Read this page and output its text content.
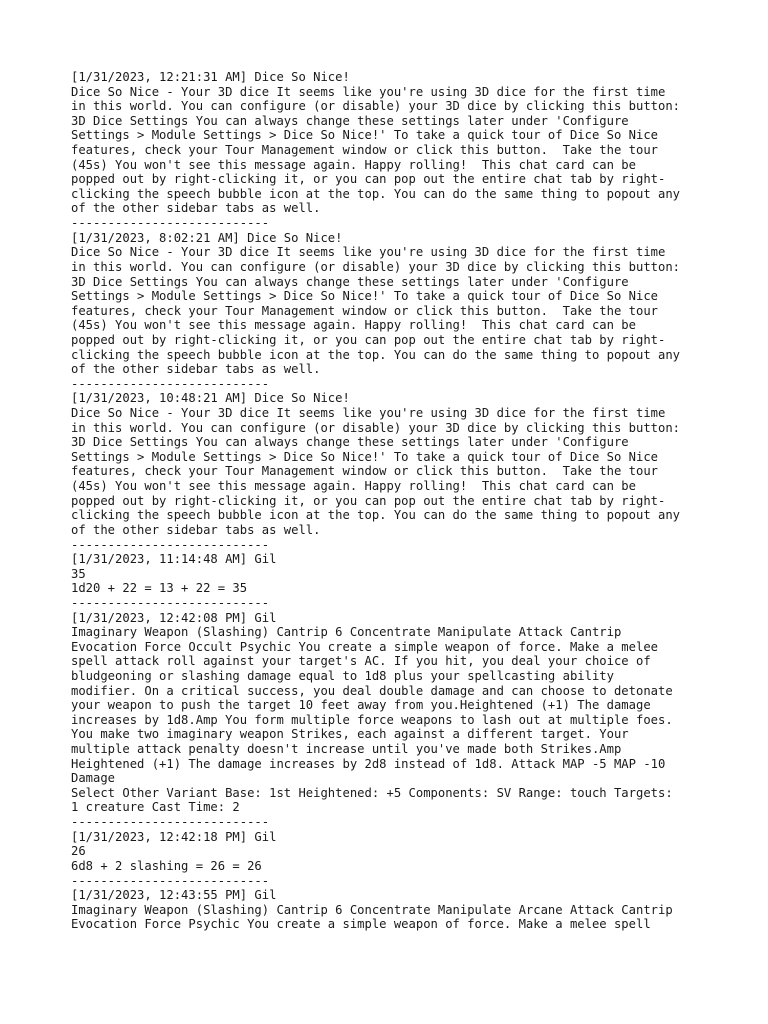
[1/31/2023, 12:21:31 AM] Dice So Nice!
Dice So Nice - Your 3D dice It seems like you're using 3D dice for the first time
in this world. You can configure (or disable) your 3D dice by clicking this button:
3D Dice Settings You can always change these settings later under 'Configure
Settings > Module Settings > Dice So Nice!' To take a quick tour of Dice So Nice
features, check your Tour Management window or click this button.  Take the tour
(45s) You won't see this message again. Happy rolling!  This chat card can be
popped out by right-clicking it, or you can pop out the entire chat tab by right-
clicking the speech bubble icon at the top. You can do the same thing to popout any
of the other sidebar tabs as well.
---------------------------
[1/31/2023, 8:02:21 AM] Dice So Nice!
Dice So Nice - Your 3D dice It seems like you're using 3D dice for the first time
in this world. You can configure (or disable) your 3D dice by clicking this button:
3D Dice Settings You can always change these settings later under 'Configure
Settings > Module Settings > Dice So Nice!' To take a quick tour of Dice So Nice
features, check your Tour Management window or click this button.  Take the tour
(45s) You won't see this message again. Happy rolling!  This chat card can be
popped out by right-clicking it, or you can pop out the entire chat tab by right-
clicking the speech bubble icon at the top. You can do the same thing to popout any
of the other sidebar tabs as well.
---------------------------
[1/31/2023, 10:48:21 AM] Dice So Nice!
Dice So Nice - Your 3D dice It seems like you're using 3D dice for the first time
in this world. You can configure (or disable) your 3D dice by clicking this button:
3D Dice Settings You can always change these settings later under 'Configure
Settings > Module Settings > Dice So Nice!' To take a quick tour of Dice So Nice
features, check your Tour Management window or click this button.  Take the tour
(45s) You won't see this message again. Happy rolling!  This chat card can be
popped out by right-clicking it, or you can pop out the entire chat tab by right-
clicking the speech bubble icon at the top. You can do the same thing to popout any
of the other sidebar tabs as well.
---------------------------
[1/31/2023, 11:14:48 AM] Gil
35
1d20 + 22 = 13 + 22 = 35
---------------------------
[1/31/2023, 12:42:08 PM] Gil
Imaginary Weapon (Slashing) Cantrip 6 Concentrate Manipulate Attack Cantrip
Evocation Force Occult Psychic You create a simple weapon of force. Make a melee
spell attack roll against your target's AC. If you hit, you deal your choice of
bludgeoning or slashing damage equal to 1d8 plus your spellcasting ability
modifier. On a critical success, you deal double damage and can choose to detonate
your weapon to push the target 10 feet away from you.Heightened (+1) The damage
increases by 1d8.Amp You form multiple force weapons to lash out at multiple foes.
You make two imaginary weapon Strikes, each against a different target. Your
multiple attack penalty doesn't increase until you've made both Strikes.Amp
Heightened (+1) The damage increases by 2d8 instead of 1d8. Attack MAP -5 MAP -10
Damage
Select Other Variant Base: 1st Heightened: +5 Components: SV Range: touch Targets:
1 creature Cast Time: 2
---------------------------
[1/31/2023, 12:42:18 PM] Gil
26
6d8 + 2 slashing = 26 = 26
---------------------------
[1/31/2023, 12:43:55 PM] Gil
Imaginary Weapon (Slashing) Cantrip 6 Concentrate Manipulate Arcane Attack Cantrip
Evocation Force Psychic You create a simple weapon of force. Make a melee spell
